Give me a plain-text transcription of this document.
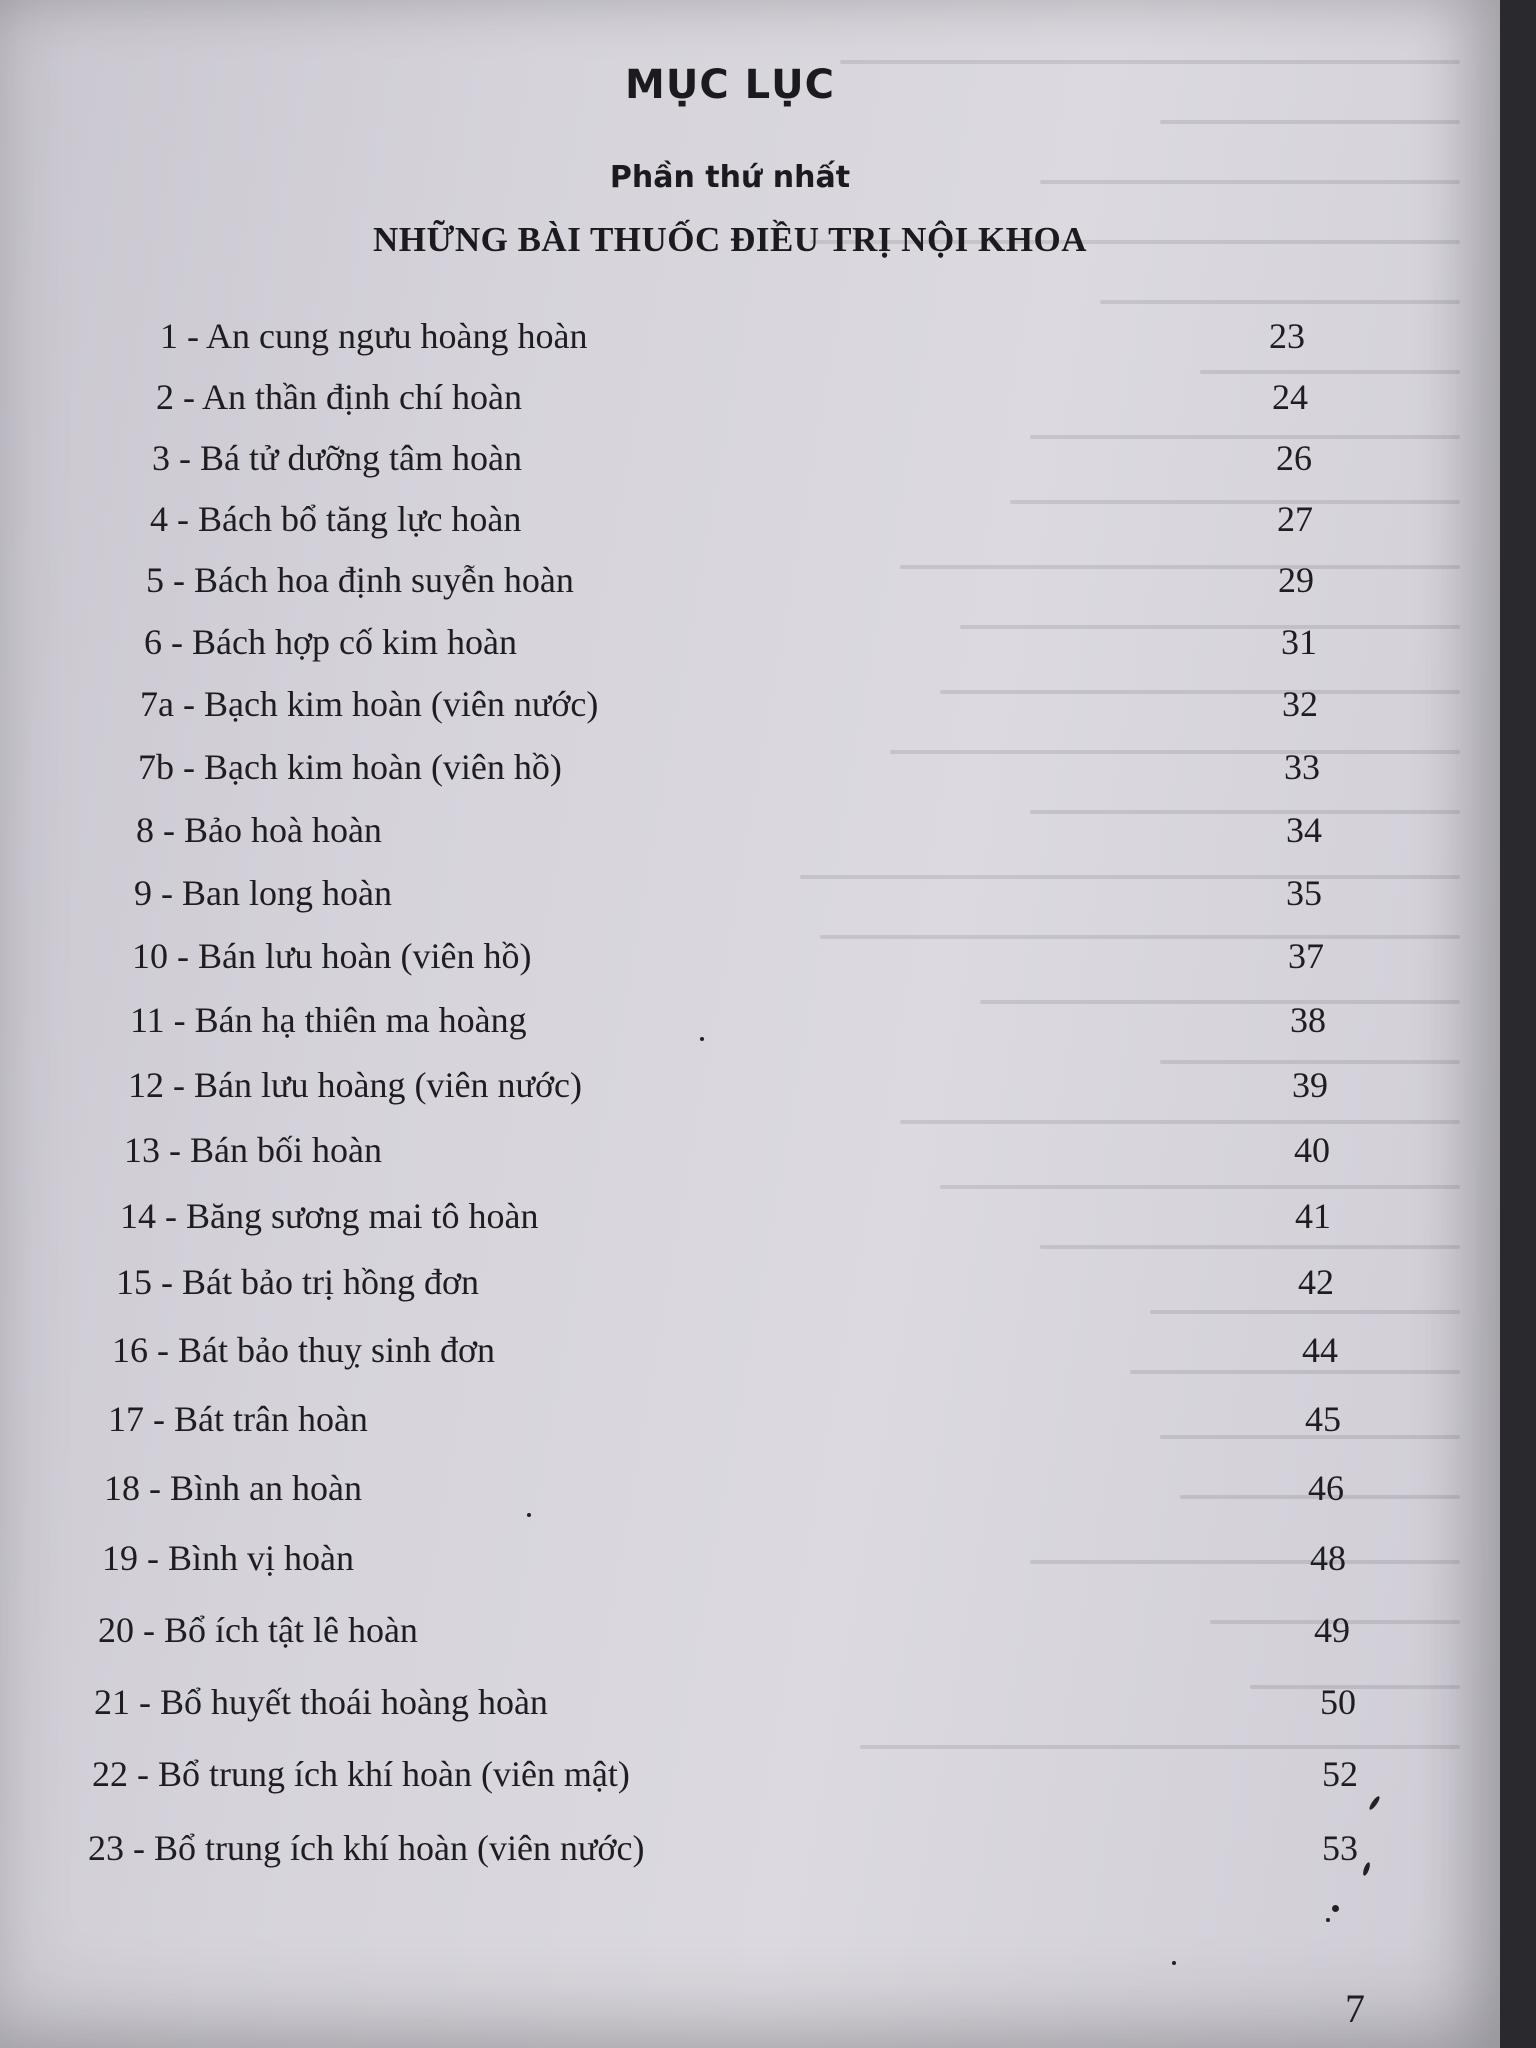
MỤC LỤC
Phần thứ nhất
NHỮNG BÀI THUỐC ĐIỀU TRỊ NỘI KHOA
1 - An cung ngưu hoàng hoàn	23
2 - An thần định chí hoàn	24
3 - Bá tử dưỡng tâm hoàn	26
4 - Bách bổ tăng lực hoàn	27
5 - Bách hoa định suyễn hoàn	29
6 - Bách hợp cố kim hoàn	31
7a - Bạch kim hoàn (viên nước)	32
7b - Bạch kim hoàn (viên hồ)	33
8 - Bảo hoà hoàn	34
9 - Ban long hoàn	35
10 - Bán lưu hoàn (viên hồ)	37
11 - Bán hạ thiên ma hoàng	38
12 - Bán lưu hoàng (viên nước)	39
13 - Bán bối hoàn	40
14 - Băng sương mai tô hoàn	41
15 - Bát bảo trị hồng đơn	42
16 - Bát bảo thuỵ sinh đơn	44
17 - Bát trân hoàn	45
18 - Bình an hoàn	46
19 - Bình vị hoàn	48
20 - Bổ ích tật lê hoàn	49
21 - Bổ huyết thoái hoàng hoàn	50
22 - Bổ trung ích khí hoàn (viên mật)	52
23 - Bổ trung ích khí hoàn (viên nước)	53
7
